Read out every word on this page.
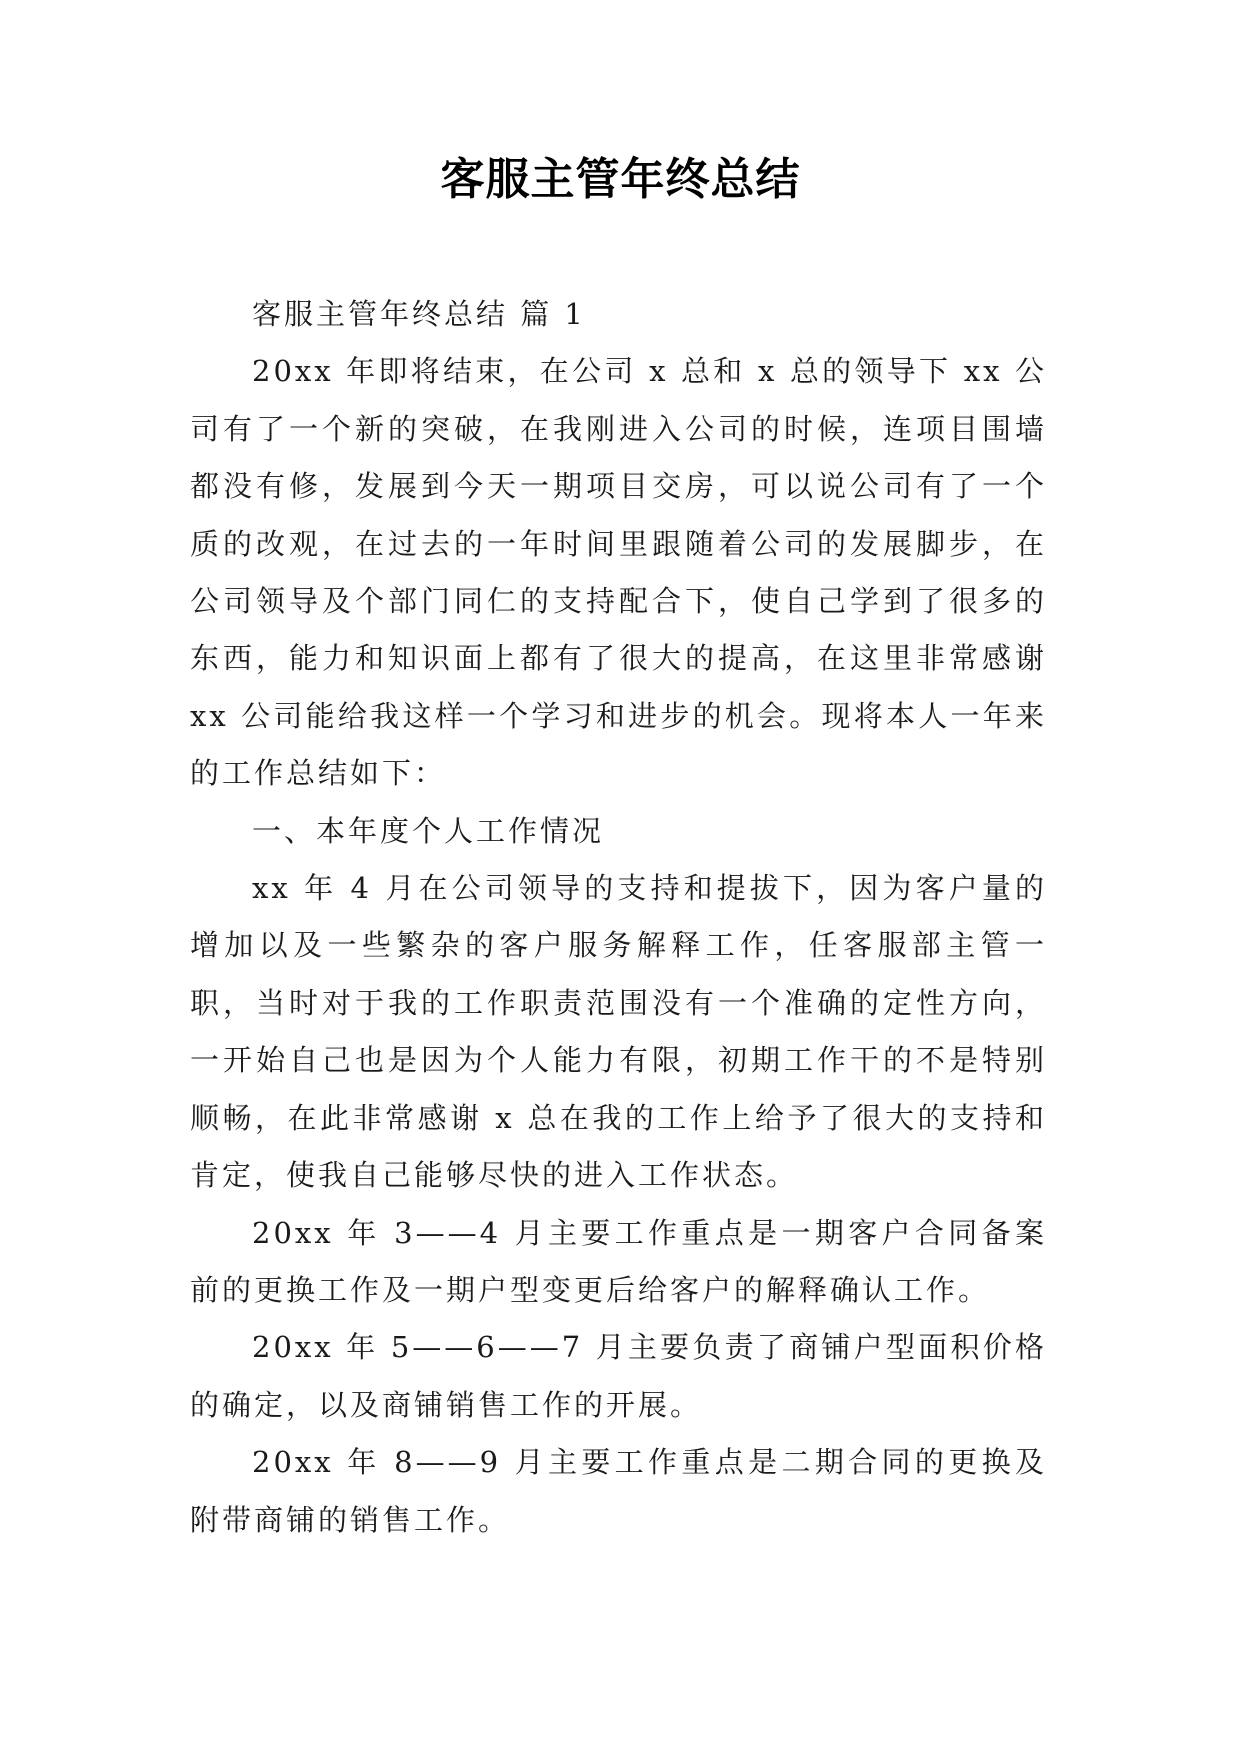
客服主管年终总结

客服主管年终总结 篇 1

20xx 年即将结束，在公司 x 总和 x 总的领导下 xx 公司有了一个新的突破，在我刚进入公司的时候，连项目围墙都没有修，发展到今天一期项目交房，可以说公司有了一个质的改观，在过去的一年时间里跟随着公司的发展脚步，在公司领导及个部门同仁的支持配合下，使自己学到了很多的东西，能力和知识面上都有了很大的提高，在这里非常感谢 xx 公司能给我这样一个学习和进步的机会。现将本人一年来的工作总结如下：

一、本年度个人工作情况

xx 年 4 月在公司领导的支持和提拔下，因为客户量的增加以及一些繁杂的客户服务解释工作，任客服部主管一职，当时对于我的工作职责范围没有一个准确的定性方向，一开始自己也是因为个人能力有限，初期工作干的不是特别顺畅，在此非常感谢 x 总在我的工作上给予了很大的支持和肯定，使我自己能够尽快的进入工作状态。

20xx 年 3——4 月主要工作重点是一期客户合同备案前的更换工作及一期户型变更后给客户的解释确认工作。

20xx 年 5——6——7 月主要负责了商铺户型面积价格的确定，以及商铺销售工作的开展。

20xx 年 8——9 月主要工作重点是二期合同的更换及附带商铺的销售工作。
